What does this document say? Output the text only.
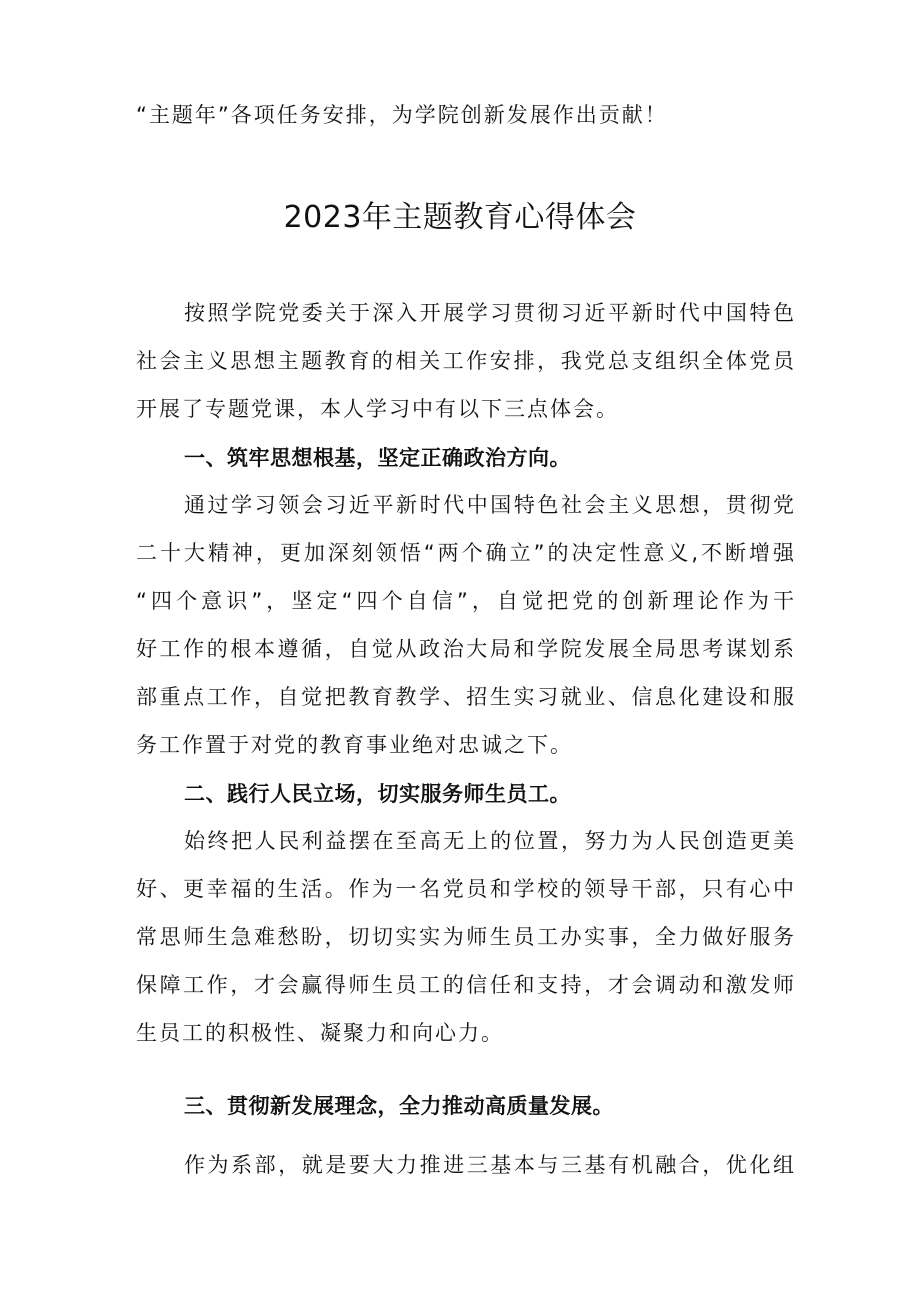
“主题年”各项任务安排，为学院创新发展作出贡献！
2023年主题教育心得体会
按照学院党委关于深入开展学习贯彻习近平新时代中国特色
社会主义思想主题教育的相关工作安排，我党总支组织全体党员
开展了专题党课，本人学习中有以下三点体会。
一、筑牢思想根基，坚定正确政治方向。
通过学习领会习近平新时代中国特色社会主义思想，贯彻党
二十大精神，更加深刻领悟“两个确立”的决定性意义,不断增强
“四个意识”，坚定“四个自信”，自觉把党的创新理论作为干
好工作的根本遵循，自觉从政治大局和学院发展全局思考谋划系
部重点工作，自觉把教育教学、招生实习就业、信息化建设和服
务工作置于对党的教育事业绝对忠诚之下。
二、践行人民立场，切实服务师生员工。
始终把人民利益摆在至高无上的位置，努力为人民创造更美
好、更幸福的生活。作为一名党员和学校的领导干部，只有心中
常思师生急难愁盼，切切实实为师生员工办实事，全力做好服务
保障工作，才会赢得师生员工的信任和支持，才会调动和激发师
生员工的积极性、凝聚力和向心力。
三、贯彻新发展理念，全力推动高质量发展。
作为系部，就是要大力推进三基本与三基有机融合，优化组
